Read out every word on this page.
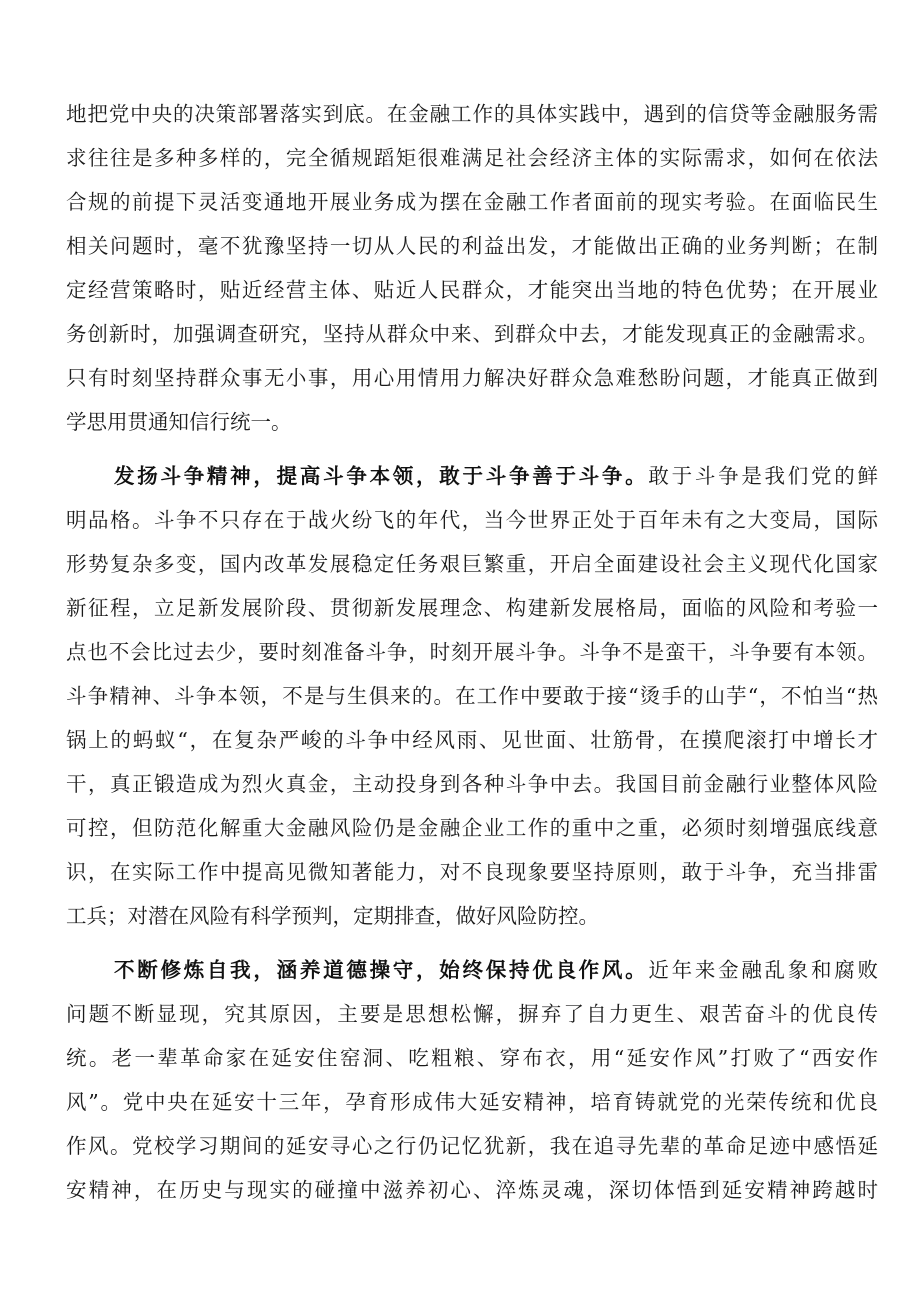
地把党中央的决策部署落实到底。在金融工作的具体实践中，遇到的信贷等金融服务需
求往往是多种多样的，完全循规蹈矩很难满足社会经济主体的实际需求，如何在依法
合规的前提下灵活变通地开展业务成为摆在金融工作者面前的现实考验。在面临民生
相关问题时，毫不犹豫坚持一切从人民的利益出发，才能做出正确的业务判断；在制
定经营策略时，贴近经营主体、贴近人民群众，才能突出当地的特色优势；在开展业
务创新时，加强调查研究，坚持从群众中来、到群众中去，才能发现真正的金融需求。
只有时刻坚持群众事无小事，用心用情用力解决好群众急难愁盼问题，才能真正做到
学思用贯通知信行统一。
发扬斗争精神，提高斗争本领，敢于斗争善于斗争。敢于斗争是我们党的鲜
明品格。斗争不只存在于战火纷飞的年代，当今世界正处于百年未有之大变局，国际
形势复杂多变，国内改革发展稳定任务艰巨繁重，开启全面建设社会主义现代化国家
新征程，立足新发展阶段、贯彻新发展理念、构建新发展格局，面临的风险和考验一
点也不会比过去少，要时刻准备斗争，时刻开展斗争。斗争不是蛮干，斗争要有本领。
斗争精神、斗争本领，不是与生俱来的。在工作中要敢于接“烫手的山芋“，不怕当“热
锅上的蚂蚁“，在复杂严峻的斗争中经风雨、见世面、壮筋骨，在摸爬滚打中增长才
干，真正锻造成为烈火真金，主动投身到各种斗争中去。我国目前金融行业整体风险
可控，但防范化解重大金融风险仍是金融企业工作的重中之重，必须时刻增强底线意
识，在实际工作中提高见微知著能力，对不良现象要坚持原则，敢于斗争，充当排雷
工兵；对潜在风险有科学预判，定期排查，做好风险防控。
不断修炼自我，涵养道德操守，始终保持优良作风。近年来金融乱象和腐败
问题不断显现，究其原因，主要是思想松懈，摒弃了自力更生、艰苦奋斗的优良传
统。老一辈革命家在延安住窑洞、吃粗粮、穿布衣，用“延安作风”打败了“西安作
风”。党中央在延安十三年，孕育形成伟大延安精神，培育铸就党的光荣传统和优良
作风。党校学习期间的延安寻心之行仍记忆犹新，我在追寻先辈的革命足迹中感悟延
安精神，在历史与现实的碰撞中滋养初心、淬炼灵魂，深切体悟到延安精神跨越时
